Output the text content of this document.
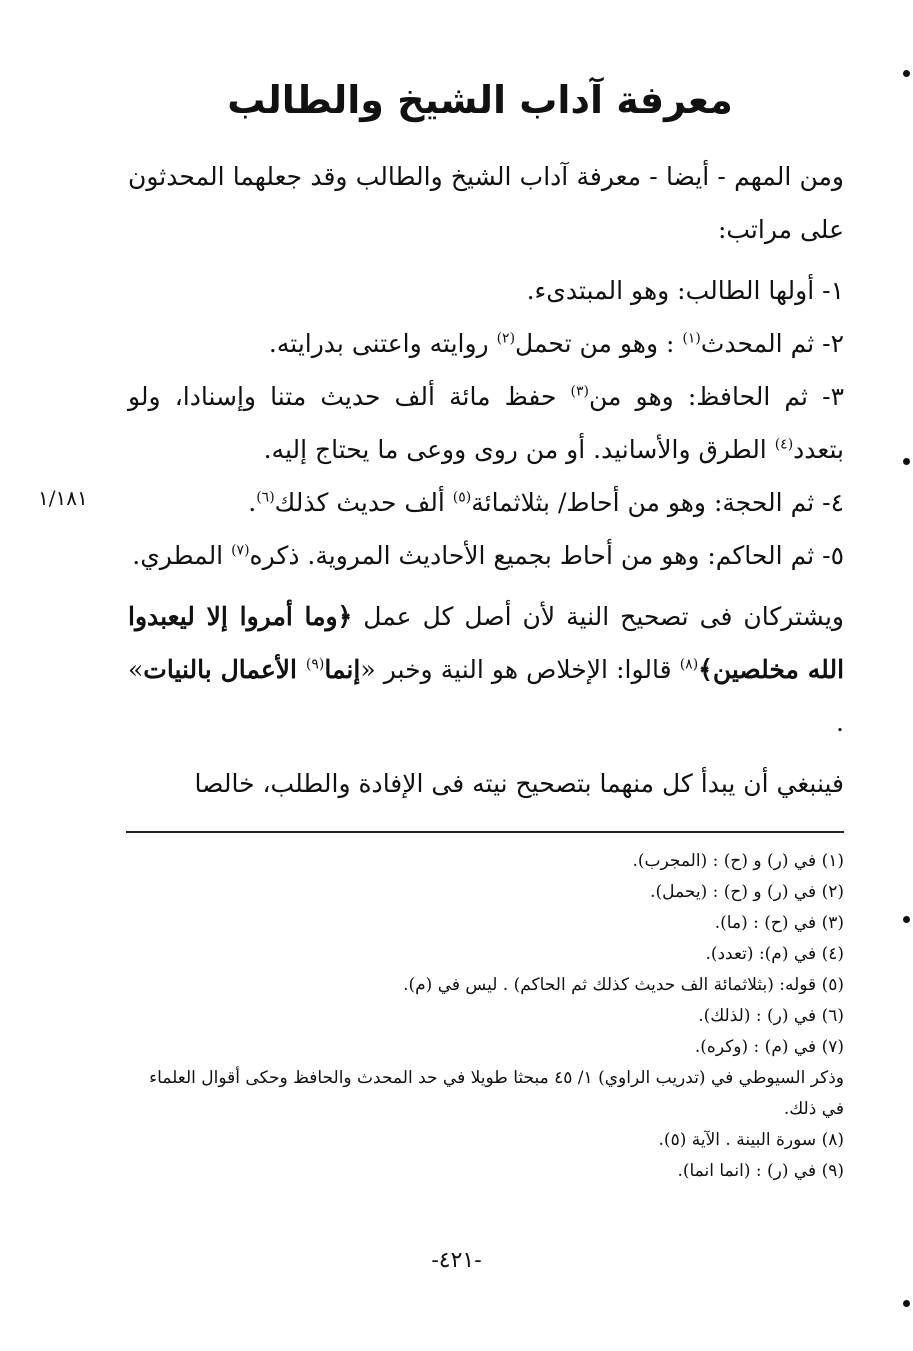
معرفة آداب الشيخ والطالب

ومن المهم - أيضا - معرفة آداب الشيخ والطالب وقد جعلهما المحدثون على مراتب:

١- أولها الطالب: وهو المبتدىء.

٢- ثم المحدث$^{(١)}$ : وهو من تحمل$^{(٢)}$ روايته واعتنى بدرايته.

٣- ثم الحافظ: وهو من$^{(٣)}$ حفظ مائة ألف حديث متنا وإسنادا، ولو بتعدد$^{(٤)}$ الطرق والأسانيد. أو من روى ووعى ما يحتاج إليه.

٤- ثم الحجة: وهو من أحاط/ بثلاثمائة$^{(٥)}$ ألف حديث كذلك$^{(٦)}$.

٥- ثم الحاكم: وهو من أحاط بجميع الأحاديث المروية. ذكره$^{(٧)}$ المطري.

ويشتركان فى تصحيح النية لأن أصل كل عمل ﴿وما أمروا إلا ليعبدوا الله مخلصين﴾$^{(٨)}$ قالوا: الإخلاص هو النية وخبر «إنما$^{(٩)}$ الأعمال بالنيات» .

فينبغي أن يبدأ كل منهما بتصحيح نيته فى الإفادة والطلب، خالصا

١/١٨١

(١) في (ر) و (ح) : (المجرب).

(٢) في (ر) و (ح) : (يحمل).

(٣) في (ح) : (ما).

(٤) في (م): (تعدد).

(٥) قوله: (بثلاثمائة الف حديث كذلك ثم الحاكم) . ليس في (م).

(٦) في (ر) : (لذلك).

(٧) في (م) : (وكره).

وذكر السيوطي في (تدريب الراوي) ١/ ٤٥ مبحثا طويلا في حد المحدث والحافظ وحكى أقوال العلماء في ذلك.

(٨) سورة البينة . الآية (٥).

(٩) في (ر) : (انما انما).

-٤٢١-
